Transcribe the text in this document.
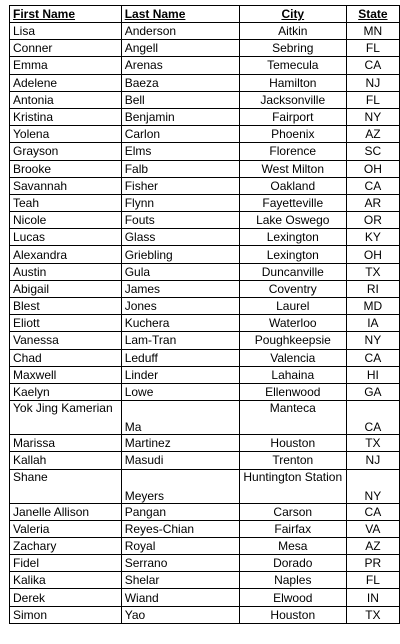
First Name	Last Name	City	State
Lisa	Anderson	Aitkin	MN
Conner	Angell	Sebring	FL
Emma	Arenas	Temecula	CA
Adelene	Baeza	Hamilton	NJ
Antonia	Bell	Jacksonville	FL
Kristina	Benjamin	Fairport	NY
Yolena	Carlon	Phoenix	AZ
Grayson	Elms	Florence	SC
Brooke	Falb	West Milton	OH
Savannah	Fisher	Oakland	CA
Teah	Flynn	Fayetteville	AR
Nicole	Fouts	Lake Oswego	OR
Lucas	Glass	Lexington	KY
Alexandra	Griebling	Lexington	OH
Austin	Gula	Duncanville	TX
Abigail	James	Coventry	RI
Blest	Jones	Laurel	MD
Eliott	Kuchera	Waterloo	IA
Vanessa	Lam-Tran	Poughkeepsie	NY
Chad	Leduff	Valencia	CA
Maxwell	Linder	Lahaina	HI
Kaelyn	Lowe	Ellenwood	GA
Yok Jing Kamerian	Ma	Manteca	CA
Marissa	Martinez	Houston	TX
Kallah	Masudi	Trenton	NJ
Shane	Meyers	Huntington Station	NY
Janelle Allison	Pangan	Carson	CA
Valeria	Reyes-Chian	Fairfax	VA
Zachary	Royal	Mesa	AZ
Fidel	Serrano	Dorado	PR
Kalika	Shelar	Naples	FL
Derek	Wiand	Elwood	IN
Simon	Yao	Houston	TX
